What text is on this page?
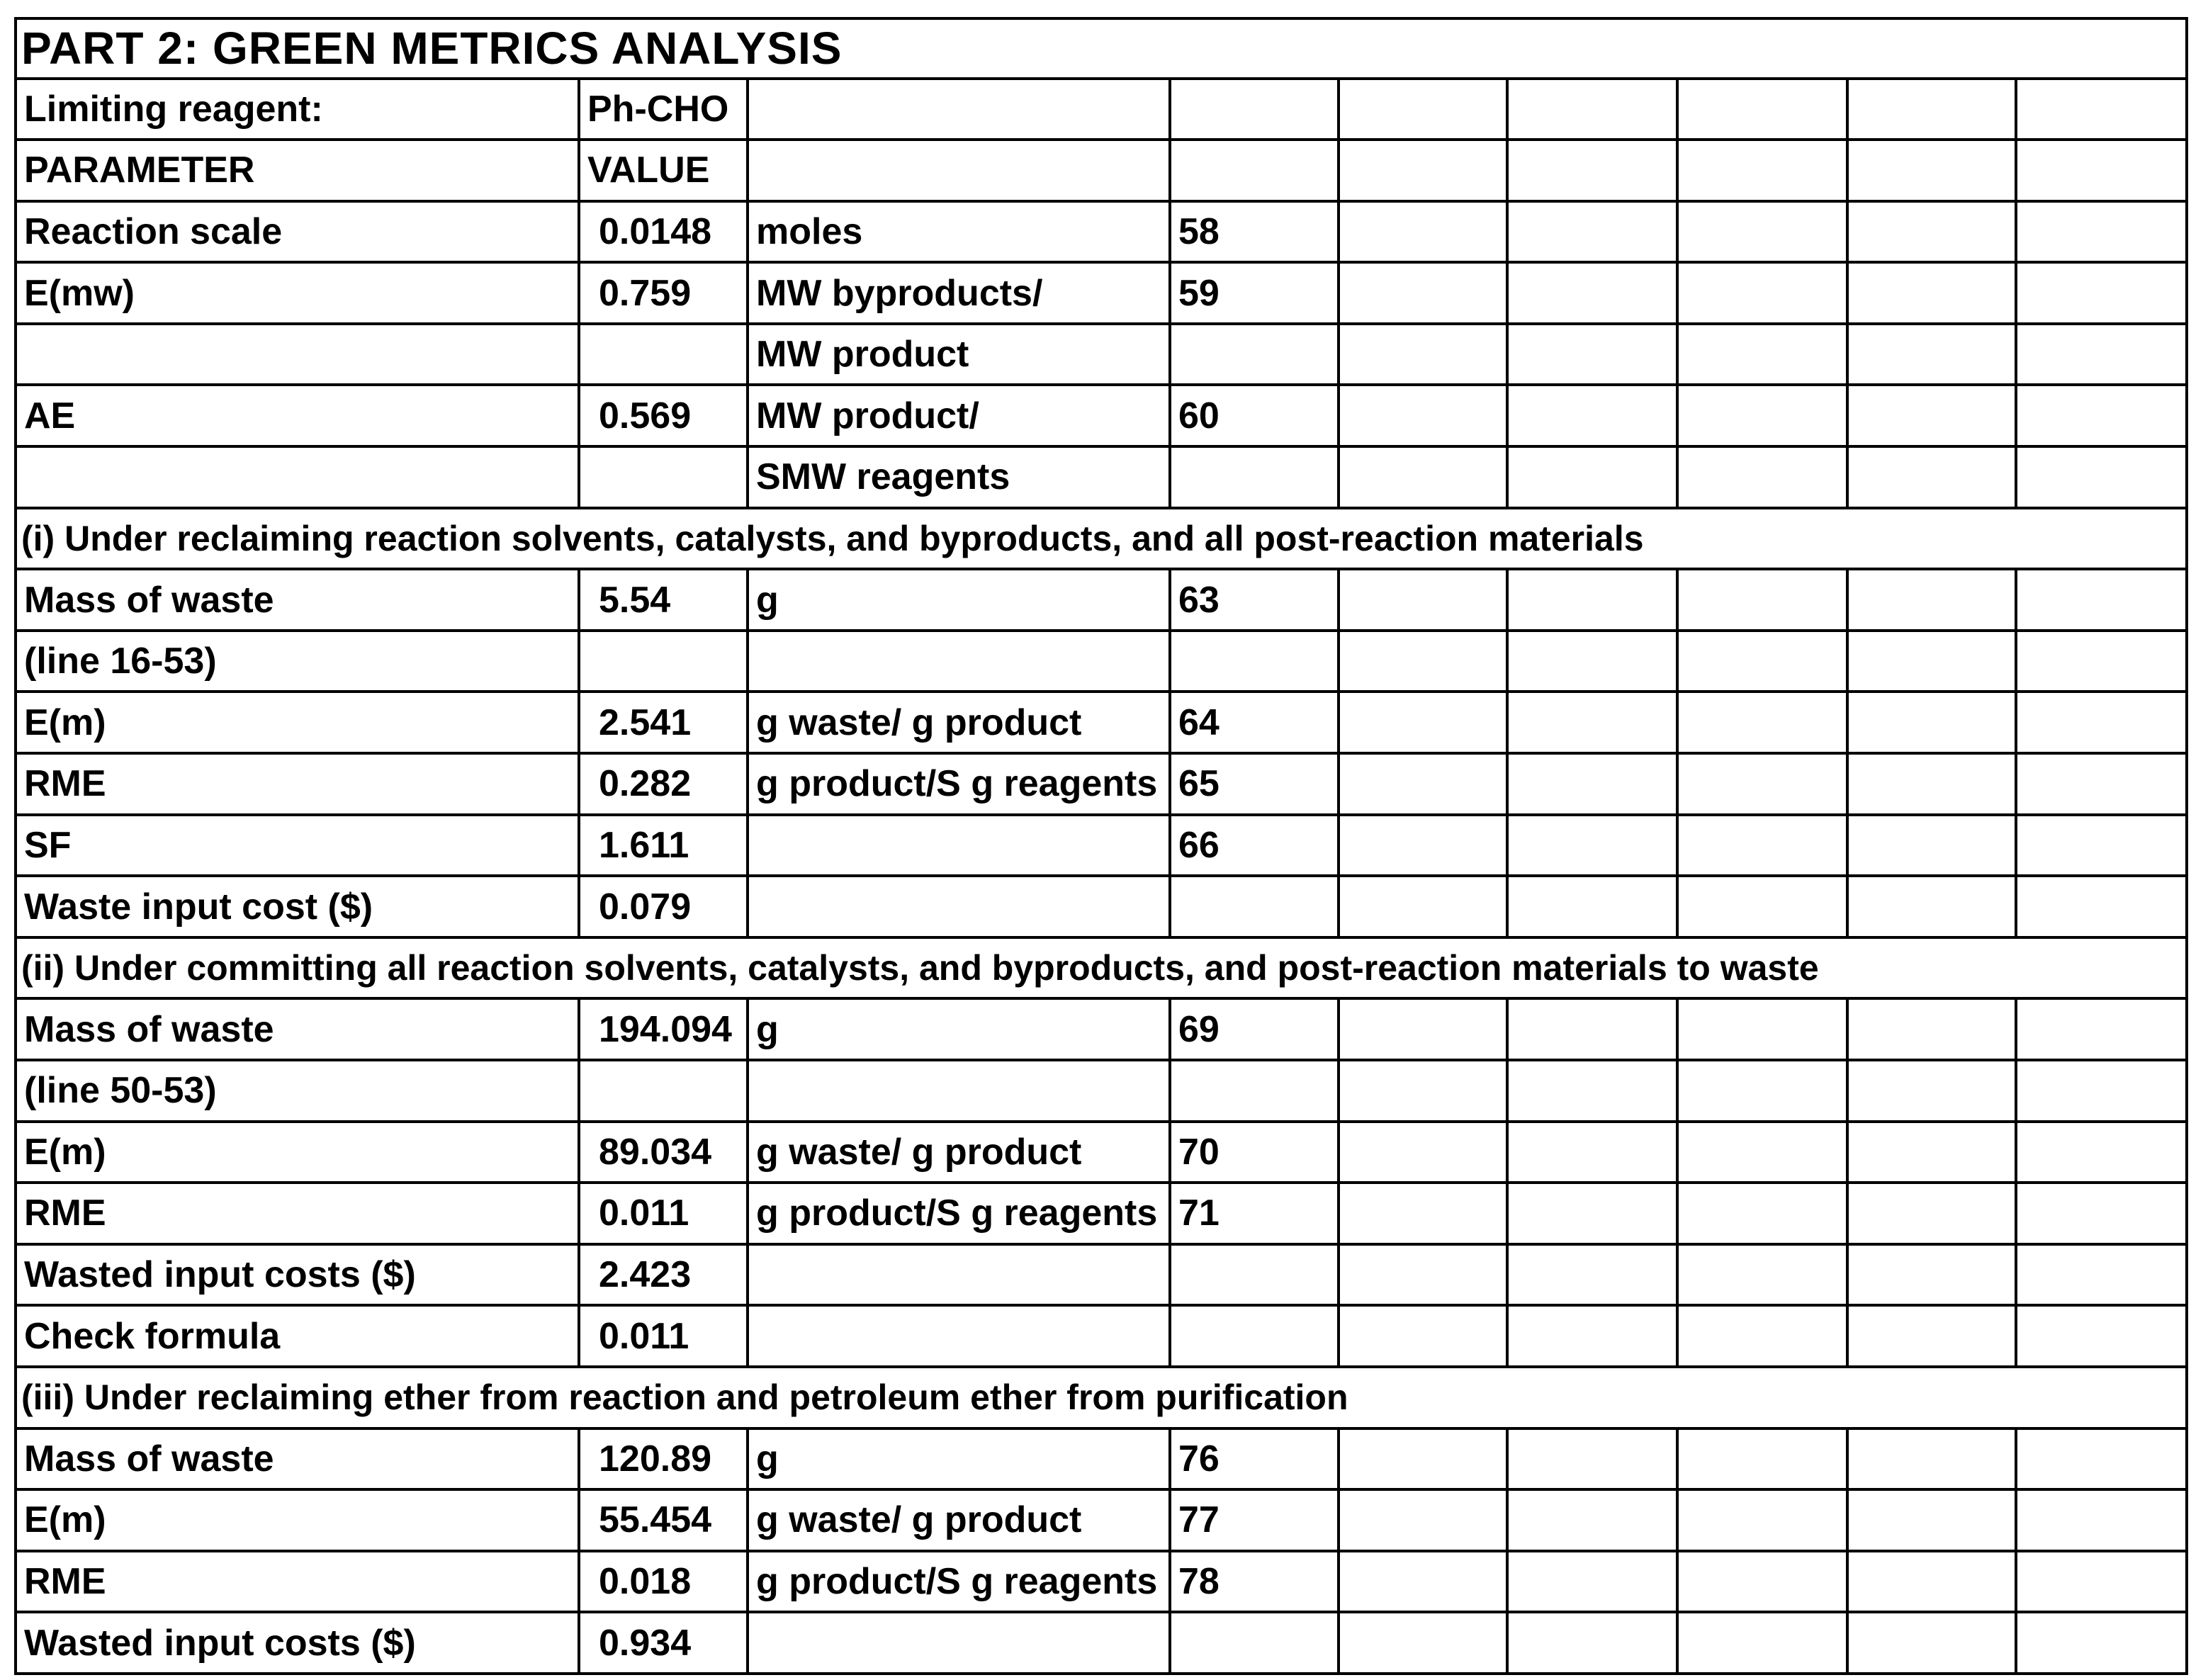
PART 2: GREEN METRICS ANALYSIS								
Limiting reagent:	Ph-CHO							
PARAMETER	VALUE							
Reaction scale	0.0148	moles	58					
E(mw)	0.759	MW byproducts/	59					
		MW product						
AE	0.569	MW product/	60					
		SMW reagents						
(i) Under reclaiming reaction solvents, catalysts, and byproducts, and all post-reaction materials								
Mass of waste	5.54	g	63					
(line 16-53)								
E(m)	2.541	g waste/ g product	64					
RME	0.282	g product/S g reagents	65					
SF	1.611		66					
Waste input cost ($)	0.079							
(ii) Under committing all reaction solvents, catalysts, and byproducts, and post-reaction materials to waste								
Mass of waste	194.094	g	69					
(line 50-53)								
E(m)	89.034	g waste/ g product	70					
RME	0.011	g product/S g reagents	71					
Wasted input costs ($)	2.423							
Check formula	0.011							
(iii) Under reclaiming ether from reaction and petroleum ether from purification								
Mass of waste	120.89	g	76					
E(m)	55.454	g waste/ g product	77					
RME	0.018	g product/S g reagents	78					
Wasted input costs ($)	0.934							
